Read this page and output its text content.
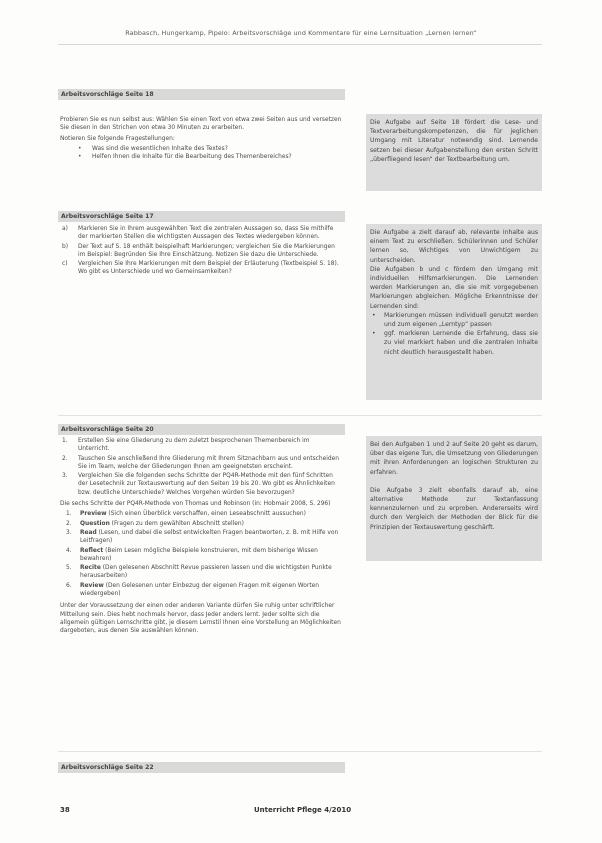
Rabbasch, Hungerkamp, Pipelo: Arbeitsvorschläge und Kommentare für eine Lernsituation „Lernen lernen“
Arbeitsvorschläge Seite 18

Probieren Sie es nun selbst aus: Wählen Sie einen Text von etwa zwei Seiten aus und versetzen Sie diesen in den Strichen von etwa 30 Minuten zu erarbeiten.

Notieren Sie folgende Fragestellungen:

• Was sind die wesentlichen Inhalte des Textes?
• Helfen Ihnen die Inhalte für die Bearbeitung des Themenbereiches?

Die Aufgabe auf Seite 18 fördert die Lese- und Textverarbeitungskompetenzen, die für jeglichen Umgang mit Literatur notwendig sind. Lernende setzen bei dieser Aufgabenstellung den ersten Schritt „überfliegend lesen“ der Textbearbeitung um.

Arbeitsvorschläge Seite 17
a) Markieren Sie in Ihrem ausgewählten Text die zentralen Aussagen so, dass Sie mithilfe der markierten Stellen die wichtigsten Aussagen des Textes wiedergeben können.
b) Der Text auf S. 18 enthält beispielhaft Markierungen; vergleichen Sie die Markierungen im Beispiel: Begründen Sie Ihre Einschätzung. Notizen Sie dazu die Unterschiede.
c) Vergleichen Sie Ihre Markierungen mit dem Beispiel der Erläuterung (Textbeispiel S. 18). Wo gibt es Unterschiede und wo Gemeinsamkeiten?

Die Aufgabe a zielt darauf ab, relevante Inhalte aus einem Text zu erschließen. Schülerinnen und Schüler lernen so, Wichtiges von Unwichtigem zu unterscheiden.

Die Aufgaben b und c fördern den Umgang mit individuellen Hilfsmarkierungen. Die Lernenden werden Markierungen an, die sie mit vorgegebenen Markierungen abgleichen. Mögliche Erkenntnisse der Lernenden sind:

• Markierungen müssen individuell genutzt werden und zum eigenen „Lerntyp“ passen
• ggf. markieren Lernende die Erfahrung, dass sie zu viel markiert haben und die zentralen Inhalte nicht deutlich herausgestellt haben.
Arbeitsvorschläge Seite 20
1. Erstellen Sie eine Gliederung zu dem zuletzt besprochenen Themenbereich im Unterricht.
2. Tauschen Sie anschließend Ihre Gliederung mit Ihrem Sitznachbarn aus und entscheiden Sie im Team, welche der Gliederungen Ihnen am geeignetsten erscheint.
3. Vergleichen Sie die folgenden sechs Schritte der PQ4R-Methode mit den fünf Schritten der Lesetechnik zur Textauswertung auf den Seiten 19 bis 20. Wo gibt es Ähnlichkeiten bzw. deutliche Unterschiede? Welches Vorgehen würden Sie bevorzugen?

Die sechs Schritte der PQ4R-Methode von Thomas und Robinson (in: Hobmair 2008, S. 296)

1. Preview (Sich einen Überblick verschaffen, einen Leseabschnitt aussuchen)
2. Question (Fragen zu dem gewählten Abschnitt stellen)
3. Read (Lesen, und dabei die selbst entwickelten Fragen beantworten, z. B. mit Hilfe von Leitfragen)
4. Reflect (Beim Lesen mögliche Beispiele konstruieren, mit dem bisherige Wissen bewahren)
5. Recite (Den gelesenen Abschnitt Revue passieren lassen und die wichtigsten Punkte herausarbeiten)
6. Review (Den Gelesenen unter Einbezug der eigenen Fragen mit eigenen Worten wiedergeben)

Unter der Voraussetzung der einen oder anderen Variante dürfen Sie ruhig unter schriftlicher Mitteilung sein. Dies hebt nochmals hervor, dass Jeder anders lernt. Jeder sollte sich die allgemein gültigen Lernschritte gibt, je diesem Lernstil Ihnen eine Vorstellung an Möglichkeiten dargeboten, aus denen Sie auswählen können.

Bei den Aufgaben 1 und 2 auf Seite 20 geht es darum, über das eigene Tun, die Umsetzung von Gliederungen mit ihren Anforderungen an logischen Strukturen zu erfahren.

Die Aufgabe 3 zielt ebenfalls darauf ab, eine alternative Methode zur Textanfassung kennenzulernen und zu erproben. Andererseits wird durch den Vergleich der Methoden der Blick für die Prinzipien der Textauswertung geschärft.

Arbeitsvorschläge Seite 22
38	Unterricht Pflege 4/2010
